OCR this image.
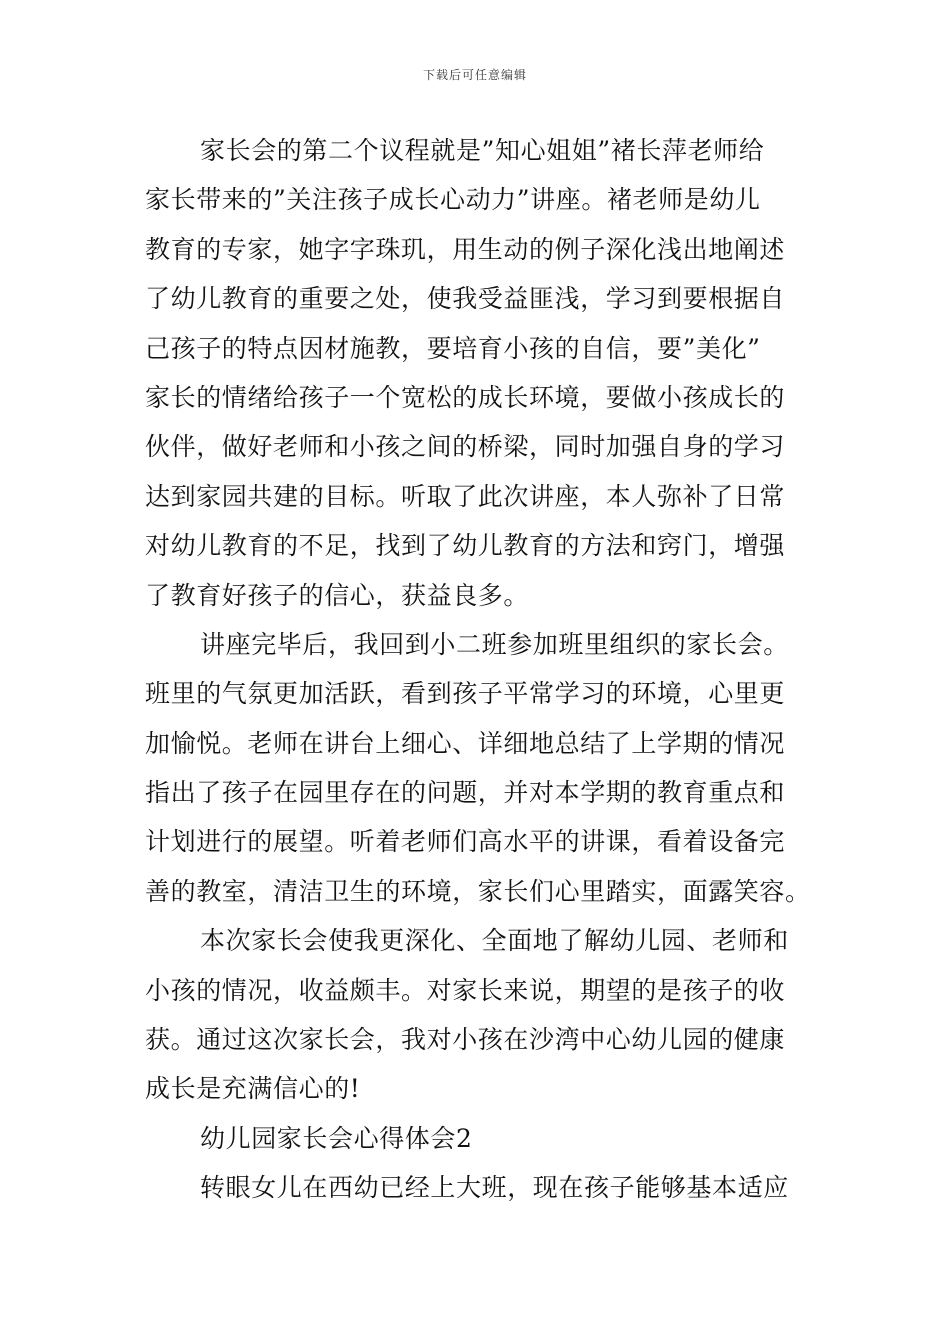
下载后可任意编辑
家长会的第二个议程就是”知心姐姐”褚长萍老师给
家长带来的”关注孩子成长心动力”讲座。褚老师是幼儿
教育的专家，她字字珠玑，用生动的例子深化浅出地阐述
了幼儿教育的重要之处，使我受益匪浅，学习到要根据自
己孩子的特点因材施教，要培育小孩的自信，要”美化”
家长的情绪给孩子一个宽松的成长环境，要做小孩成长的
伙伴，做好老师和小孩之间的桥梁，同时加强自身的学习
达到家园共建的目标。听取了此次讲座，本人弥补了日常
对幼儿教育的不足，找到了幼儿教育的方法和窍门，增强
了教育好孩子的信心，获益良多。
讲座完毕后，我回到小二班参加班里组织的家长会。
班里的气氛更加活跃，看到孩子平常学习的环境，心里更
加愉悦。老师在讲台上细心、详细地总结了上学期的情况
指出了孩子在园里存在的问题，并对本学期的教育重点和
计划进行的展望。听着老师们高水平的讲课，看着设备完
善的教室，清洁卫生的环境，家长们心里踏实，面露笑容。
本次家长会使我更深化、全面地了解幼儿园、老师和
小孩的情况，收益颇丰。对家长来说，期望的是孩子的收
获。通过这次家长会，我对小孩在沙湾中心幼儿园的健康
成长是充满信心的!
幼儿园家长会心得体会2
转眼女儿在西幼已经上大班，现在孩子能够基本适应
